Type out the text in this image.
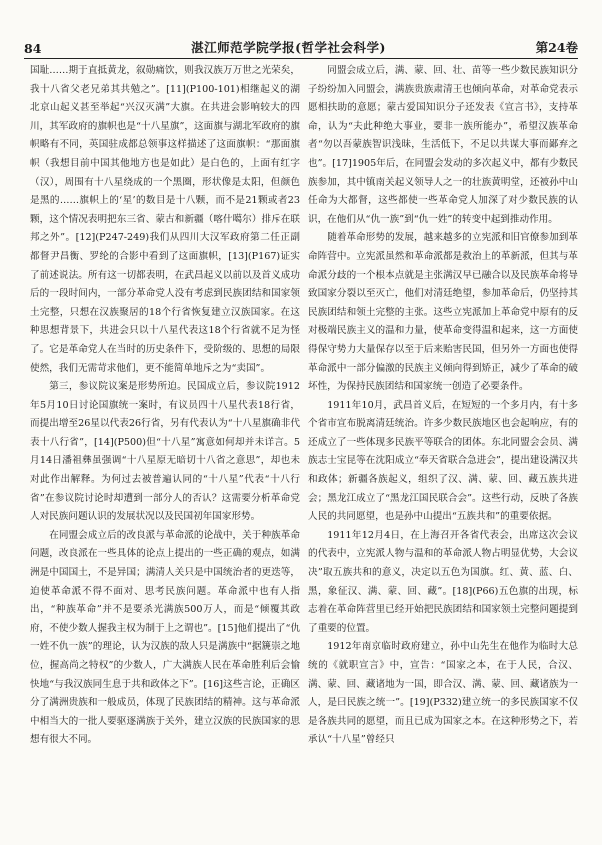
84	湛江师范学院学报(哲学社会科学)	第24卷

国耻……期于直抵黄龙，叙勋痛饮，则我汉族万万世之光荣矣，我十八省父老兄弟其共勉之”。[11](P100-101)相继起义的湖北京山起义甚至举起“兴汉灭满”大旗。在共进会影响较大的四川，其军政府的旗帜也是“十八星旗”，这面旗与湖北军政府的旗帜略有不同，英国驻成都总领事这样描述了这面旗帜：“那面旗帜（我想目前中国其他地方也是如此）是白色的，上面有红字（汉），周围有十八星绕成的一个黑圈，形状像是太阳，但颜色是黑的……旗帜上的‘星’的数目是十八颗，而不是21颗或者23颗，这个情况表明把东三省、蒙古和新疆（喀什噶尔）排斥在联邦之外”。[12](P247-249)我们从四川大汉军政府第二任正副都督尹昌衡、罗纶的合影中看到了这面旗帜，[13](P167)证实了前述说法。所有这一切都表明，在武昌起义以前以及首义成功后的一段时间内，一部分革命党人没有考虑到民族团结和国家领土完整，只想在汉族聚居的18个行省恢复建立汉族国家。在这种思想背景下，共进会只以十八星代表这18个行省就不足为怪了。它是革命党人在当时的历史条件下，受阶级的、思想的局限使然，我们无需苛求他们，更不能简单地斥之为“卖国”。

第三，参议院议案是形势所迫。民国成立后，参议院1912年5月10日讨论国旗统一案时，有议员四十八星代表18行省，而提出增至26星以代表26行省，另有代表认为“十八星旗确非代表十八行省”，[14](P500)但“十八星”寓意如何却并未详言。5月14日潘祖彝虽强调“十八星原无暗切十八省之意思”，却也未对此作出解释。为何过去被普遍认同的“十八星”代表“十八行省”在参议院讨论时却遭到一部分人的否认？这需要分析革命党人对民族问题认识的发展状况以及民国初年国家形势。

在同盟会成立后的改良派与革命派的论战中，关于种族革命问题，改良派在一些具体的论点上提出的一些正确的观点，如满洲是中国国土，不是异国；满清人关只是中国统治者的更迭等，迫使革命派不得不面对、思考民族问题。革命派中也有人指出，“种族革命”并不是要杀光满族500万人，而是“倾覆其政府，不使少数人握我主权为制于上之谓也”。[15]他们提出了“仇一姓不仇一族”的理论，认为汉族的敌人只是满族中“据篪崇之地位，握高尚之特权”的少数人，广大满族人民在革命胜利后会愉快地“与我汉族同生息于共和政体之下”。[16]这些言论，正确区分了满洲贵族和一般成员，体现了民族团结的精神。这与革命派中相当大的一批人要驱逐满族于关外，建立汉族的民族国家的思想有很大不同。

同盟会成立后，满、蒙、回、壮、苗等一些少数民族知识分子纷纷加入同盟会，满族贵族肃清王也倾向革命，对革命党表示愿相扶助的意愿；蒙古爱国知识分子还发表《宣言书》，支持革命，认为“夫此种绝大事业，要非一族所能办”，希望汉族革命者“勿以吾蒙族智识浅昧，生活低下，不足以共谋大事而鄙弃之也”。[17]1905年后，在同盟会发动的多次起义中，都有少数民族参加，其中镇南关起义领导人之一的壮族黄明堂，还被孙中山任命为大都督，这些都使一些革命党人加深了对少数民族的认识，在他们从“仇一族”到“仇一姓”的转变中起到推动作用。

随着革命形势的发展，越来越多的立宪派和旧官僚参加到革命阵营中。立宪派虽然和革命派都是救治上的革新派，但其与革命派分歧的一个根本点就是主张满汉早已融合以及民族革命将导致国家分裂以至灭亡，他们对清廷绝望，参加革命后，仍坚持其民族团结和领土完整的主张。这些立宪派加上革命党中原有的反对极端民族主义的温和力量，使革命变得温和起来，这一方面使得保守势力大量保存以至于后来贻害民国，但另外一方面也使得革命派中一部分偏激的民族主义倾向得到矫正，减少了革命的破坏性，为保持民族团结和国家统一创造了必要条件。

1911年10月，武昌首义后，在短短的一个多月内，有十多个省市宣布脱离清廷统治。许多少数民族地区也会起响应，有的还成立了一些体现多民族平等联合的团体。东北同盟会会员、满族志士宝昆等在沈阳成立“奉天省联合急进会”，提出建设满汉共和政体；新疆各族起义，组织了汉、满、蒙、回、藏五族共进会；黑龙江成立了“黑龙江国民联合会”。这些行动，反映了各族人民的共同愿望，也是孙中山提出“五族共和”的重要依据。

1911年12月4日，在上海召开各省代表会，出席这次会议的代表中，立宪派人物与温和的革命派人物占明显优势，大会议决”取五族共和的意义，决定以五色为国旗。红、黄、蓝、白、黑，象征汉、满、蒙、回、藏”。[18](P66)五色旗的出现，标志着在革命阵营里已经开始把民族团结和国家领土完整问题提到了重要的位置。

1912年南京临时政府建立，孙中山先生在他作为临时大总统的《就职宣言》中，宣告：“国家之本，在于人民，合汉、满、蒙、回、藏诸地为一国，即合汉、满、蒙、回、藏诸族为一人，是曰民族之统一”。[19](P332)建立统一的多民族国家不仅是各族共同的愿望，而且已成为国家之本。在这种形势之下，若承认“十八星”曾经只
